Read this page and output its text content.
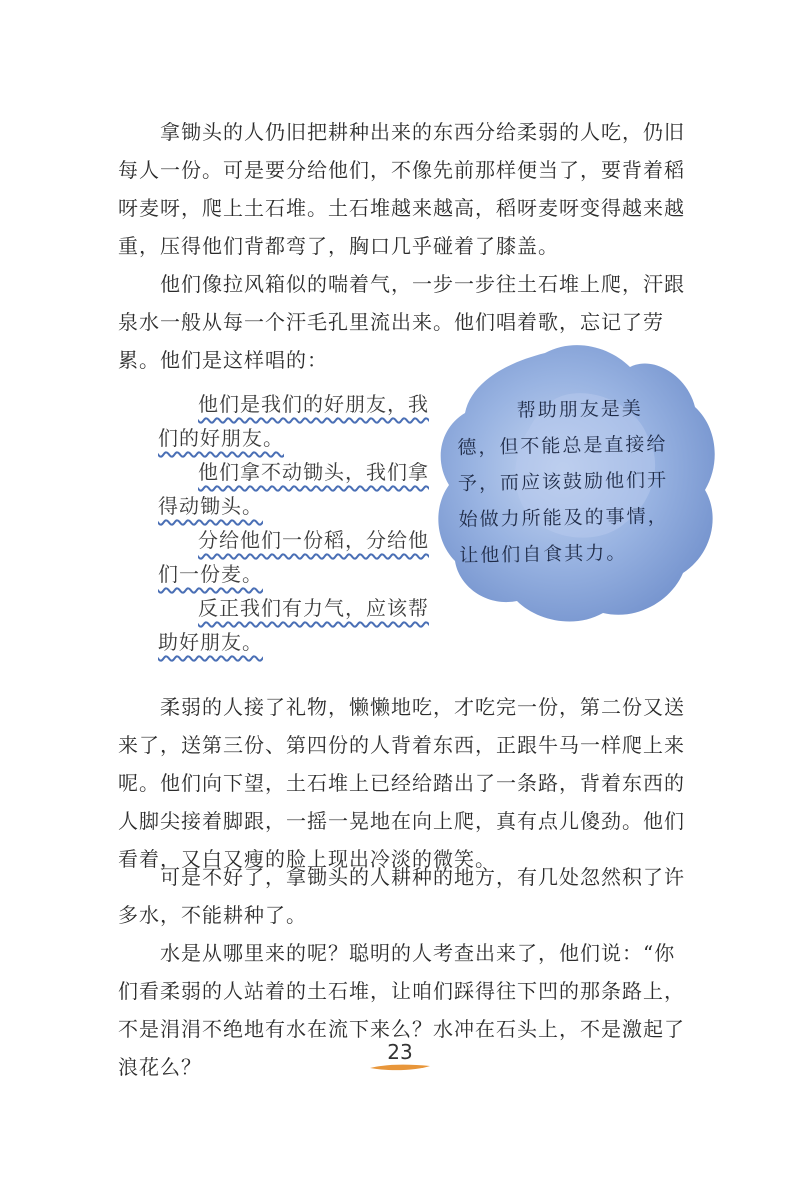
拿锄头的人仍旧把耕种出来的东西分给柔弱的人吃，仍旧每人一份。可是要分给他们，不像先前那样便当了，要背着稻呀麦呀，爬上土石堆。土石堆越来越高，稻呀麦呀变得越来越重，压得他们背都弯了，胸口几乎碰着了膝盖。

他们像拉风箱似的喘着气，一步一步往土石堆上爬，汗跟泉水一般从每一个汗毛孔里流出来。他们唱着歌，忘记了劳累。他们是这样唱的：

他们是我们的好朋友，我们的好朋友。

他们拿不动锄头，我们拿得动锄头。

分给他们一份稻，分给他们一份麦。

反正我们有力气，应该帮助好朋友。

帮助朋友是美德，但不能总是直接给予，而应该鼓励他们开始做力所能及的事情，让他们自食其力。

柔弱的人接了礼物，懒懒地吃，才吃完一份，第二份又送来了，送第三份、第四份的人背着东西，正跟牛马一样爬上来呢。他们向下望，土石堆上已经给踏出了一条路，背着东西的人脚尖接着脚跟，一摇一晃地在向上爬，真有点儿傻劲。他们看着，又白又瘦的脸上现出冷淡的微笑。

可是不好了，拿锄头的人耕种的地方，有几处忽然积了许多水，不能耕种了。

水是从哪里来的呢？聪明的人考查出来了，他们说：“你们看柔弱的人站着的土石堆，让咱们踩得往下凹的那条路上，不是涓涓不绝地有水在流下来么？水冲在石头上，不是激起了浪花么？

23
